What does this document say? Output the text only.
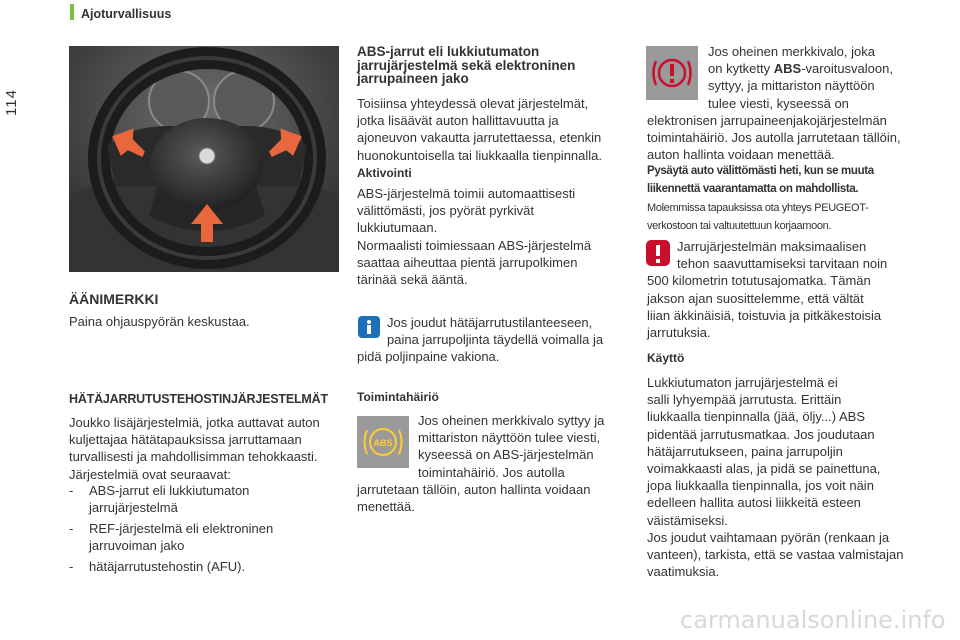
114
Ajoturvallisuus
ÄÄNIMERKKI

Paina ohjauspyörän keskustaa.

HÄTÄJARRUTUSTEHOSTINJÄRJESTELMÄT

Joukko lisäjärjestelmiä, jotka auttavat auton

kuljettajaa hätätapauksissa jarruttamaan

turvallisesti ja mahdollisimman tehokkaasti.

Järjestelmiä ovat seuraavat:

-	ABS-jarrut eli lukkiutumaton
jarrujärjestelmä
-	REF-järjestelmä eli elektroninen
jarruvoiman jako
-	hätäjarrutustehostin (AFU).
ABS-jarrut eli lukkiutumaton
jarrujärjestelmä sekä elektroninen
jarrupaineen jako

Toisiinsa yhteydessä olevat järjestelmät,

jotka lisäävät auton hallittavuutta ja

ajoneuvon vakautta jarrutettaessa, etenkin

huonokuntoisella tai liukkaalla tienpinnalla.

Aktivointi

ABS-järjestelmä toimii automaattisesti

välittömästi, jos pyörät pyrkivät

lukkiutumaan.

Normaalisti toimiessaan ABS-järjestelmä

saattaa aiheuttaa pientä jarrupolkimen

tärinää sekä ääntä.

Jos joudut hätäjarrutustilanteeseen,

paina jarrupoljinta täydellä voimalla ja

pidä poljinpaine vakiona.

Toimintahäiriö
ABS

Jos oheinen merkkivalo syttyy ja

mittariston näyttöön tulee viesti,

kyseessä on ABS-järjestelmän

toimintahäiriö. Jos autolla

jarrutetaan tällöin, auton hallinta voidaan

menettää.

Jos oheinen merkkivalo, joka

on kytketty ABS-varoitusvaloon,

syttyy, ja mittariston näyttöön

tulee viesti, kyseessä on

elektronisen jarrupaineenjakojärjestelmän

toimintahäiriö. Jos autolla jarrutetaan tällöin,

auton hallinta voidaan menettää.

Pysäytä auto välittömästi heti, kun se muuta

liikennettä vaarantamatta on mahdollista.

Molemmissa tapauksissa ota yhteys PEUGEOT-

verkostoon tai valtuutettuun korjaamoon.

Jarrujärjestelmän maksimaalisen

tehon saavuttamiseksi tarvitaan noin

500 kilometrin totutusajomatka. Tämän

jakson ajan suosittelemme, että vältät

liian äkkinäisiä, toistuvia ja pitkäkestoisia

jarrutuksia.

Käyttö

Lukkiutumaton jarrujärjestelmä ei

salli lyhyempää jarrutusta. Erittäin

liukkaalla tienpinnalla (jää, öljy...) ABS

pidentää jarrutusmatkaa. Jos joudutaan

hätäjarrutukseen, paina jarrupoljin

voimakkaasti alas, ja pidä se painettuna,

jopa liukkaalla tienpinnalla, jos voit näin

edelleen hallita autosi liikkeitä esteen

väistämiseksi.

Jos joudut vaihtamaan pyörän (renkaan ja

vanteen), tarkista, että se vastaa valmistajan

vaatimuksia.

carmanualsonline.info
